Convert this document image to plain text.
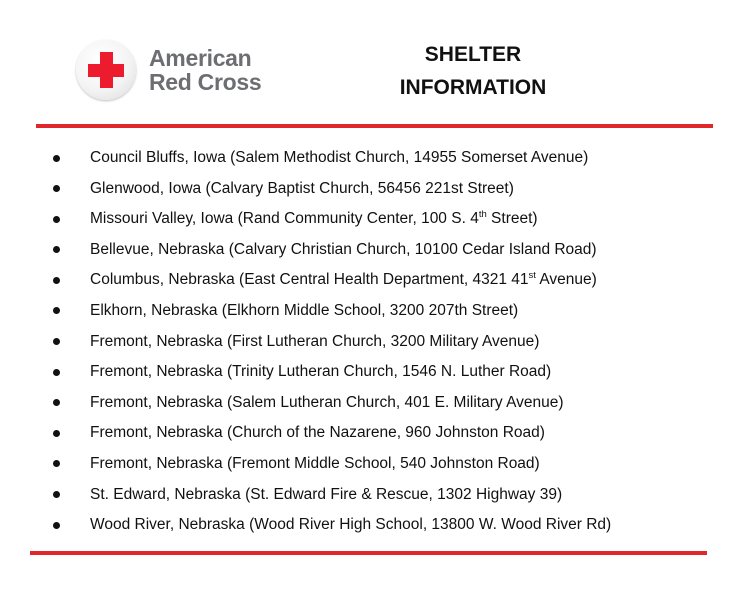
American
Red Cross
SHELTER
INFORMATION
Council Bluffs, Iowa (Salem Methodist Church, 14955 Somerset Avenue)
Glenwood, Iowa (Calvary Baptist Church, 56456 221st Street)
Missouri Valley, Iowa (Rand Community Center, 100 S. 4th Street)
Bellevue, Nebraska (Calvary Christian Church, 10100 Cedar Island Road)
Columbus, Nebraska (East Central Health Department, 4321 41st Avenue)
Elkhorn, Nebraska (Elkhorn Middle School, 3200 207th Street)
Fremont, Nebraska (First Lutheran Church, 3200 Military Avenue)
Fremont, Nebraska (Trinity Lutheran Church, 1546 N. Luther Road)
Fremont, Nebraska (Salem Lutheran Church, 401 E. Military Avenue)
Fremont, Nebraska (Church of the Nazarene, 960 Johnston Road)
Fremont, Nebraska (Fremont Middle School, 540 Johnston Road)
St. Edward, Nebraska (St. Edward Fire & Rescue, 1302 Highway 39)
Wood River, Nebraska (Wood River High School, 13800 W. Wood River Rd)
